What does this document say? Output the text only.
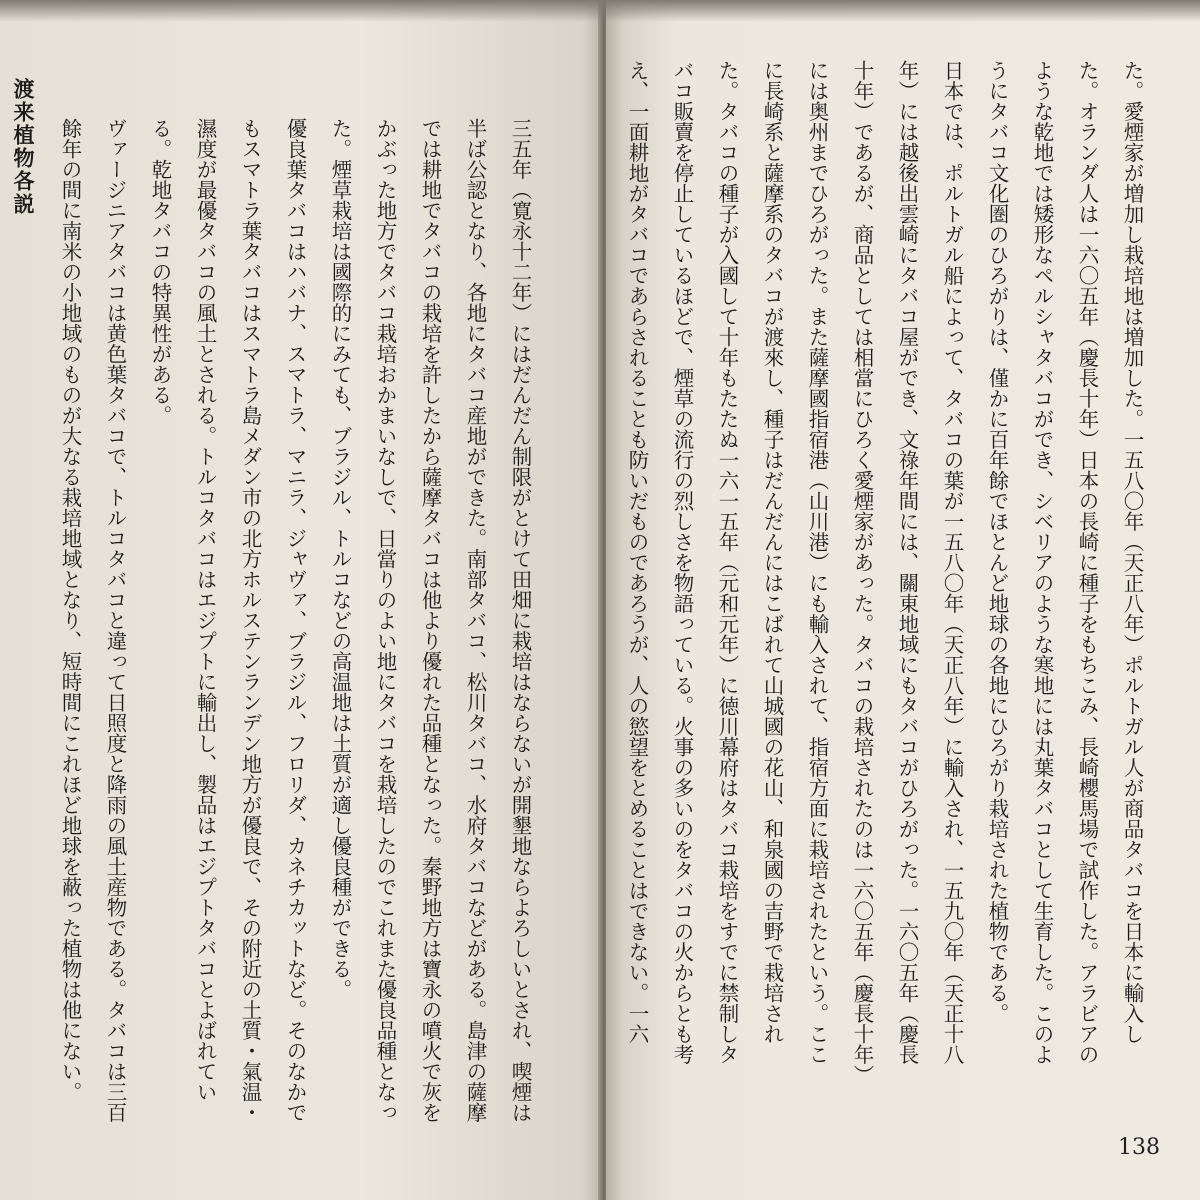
渡来植物各説	三五年（寛永十二年）にはだんだん制限がとけて田畑に栽培はならないが開墾地ならよろしいとされ、喫煙は半ば公認となり、各地にタバコ産地ができた。南部タバコ、松川タバコ、水府タバコなどがある。島津の薩摩では耕地でタバコの栽培を許したから薩摩タバコは他より優れた品種となった。秦野地方は寶永の噴火で灰をかぶった地方でタバコ栽培おかまいなしで、日當りのよい地にタバコを栽培したのでこれまた優良品種となった。煙草栽培は國際的にみても、ブラジル、トルコなどの高温地は土質が適し優良種ができる。
優良葉タバコはハバナ、スマトラ、マニラ、ジャヴァ、ブラジル、フロリダ、カネチカットなど。そのなかでもスマトラ葉タバコはスマトラ島メダン市の北方ホルステンランデン地方が優良で、その附近の土質・氣温・濕度が最優タバコの風土とされる。トルコタバコはエジプトに輸出し、製品はエジプトタバコとよばれている。乾地タバコの特異性がある。
ヴァージニアタバコは黄色葉タバコで、トルコタバコと違って日照度と降雨の風土産物である。タバコは三百餘年の間に南米の小地域のものが大なる栽培地域となり、短時間にこれほど地球を蔽った植物は他にない。	た。愛煙家が増加し栽培地は増加した。一五八〇年（天正八年）ポルトガル人が商品タバコを日本に輸入した。オランダ人は一六〇五年（慶長十年）日本の長崎に種子をもちこみ、長崎櫻馬場で試作した。アラビアのような乾地では矮形なペルシャタバコができ、シベリアのような寒地には丸葉タバコとして生育した。このようにタバコ文化圏のひろがりは、僅かに百年餘でほとんど地球の各地にひろがり栽培された植物である。
日本では、ポルトガル船によって、タバコの葉が一五八〇年（天正八年）に輸入され、一五九〇年（天正十八年）には越後出雲崎にタバコ屋ができ、文祿年間には、關東地域にもタバコがひろがった。一六〇五年（慶長十年）であるが、商品としては相當にひろく愛煙家があった。タバコの栽培されたのは一六〇五年（慶長十年）には奥州までひろがった。また薩摩國指宿港（山川港）にも輸入されて、指宿方面に栽培されたという。ここに長崎系と薩摩系のタバコが渡來し、種子はだんだんにはこばれて山城國の花山、和泉國の吉野で栽培された。タバコの種子が入國して十年もたたぬ一六一五年（元和元年）に徳川幕府はタバコ栽培をすでに禁制しタバコ販賣を停止しているほどで、煙草の流行の烈しさを物語っている。火事の多いのをタバコの火からとも考え、一面耕地がタバコであらされることも防いだものであろうが、人の慾望をとめることはできない。一六
138
